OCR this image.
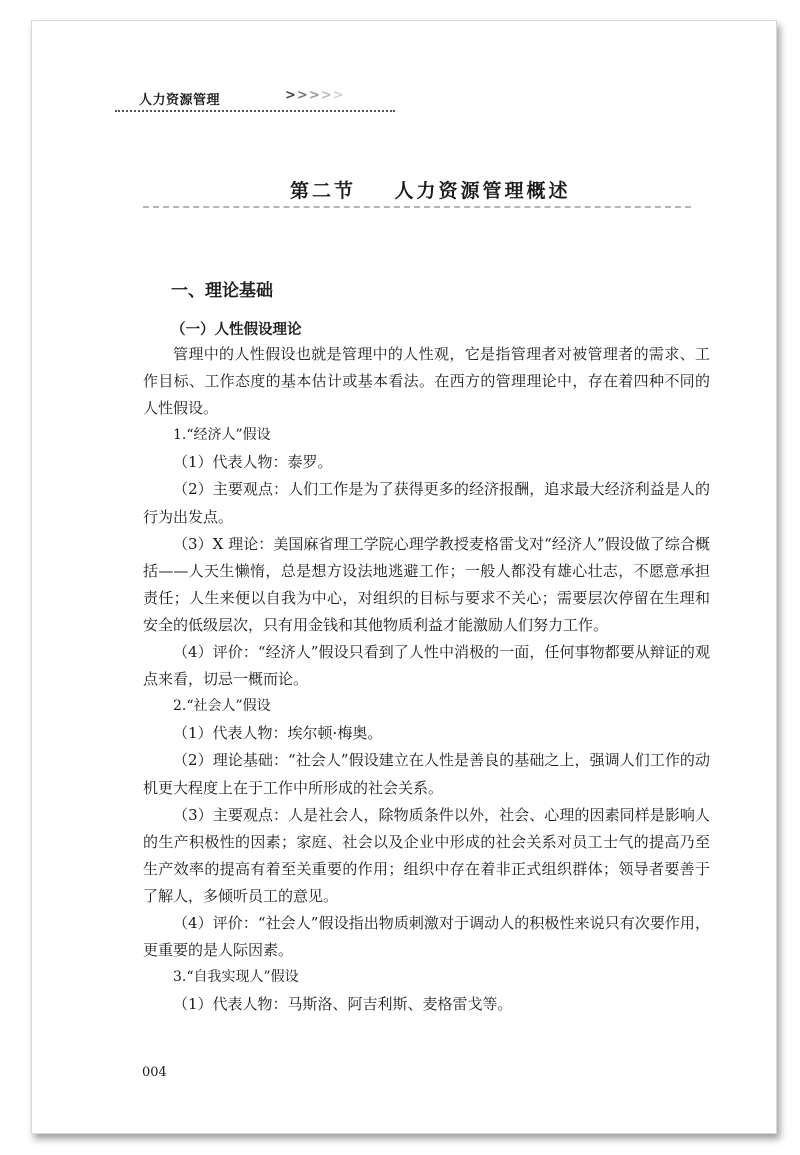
人力资源管理	>>>>>
第二节    人力资源管理概述
一、理论基础
（一）人性假设理论

管理中的人性假设也就是管理中的人性观，它是指管理者对被管理者的需求、工作目标、工作态度的基本估计或基本看法。在西方的管理理论中，存在着四种不同的人性假设。

1.“经济人”假设

（1）代表人物：泰罗。

（2）主要观点：人们工作是为了获得更多的经济报酬，追求最大经济利益是人的行为出发点。

（3）X 理论：美国麻省理工学院心理学教授麦格雷戈对“经济人”假设做了综合概括——人天生懒惰，总是想方设法地逃避工作；一般人都没有雄心壮志，不愿意承担责任；人生来便以自我为中心，对组织的目标与要求不关心；需要层次停留在生理和安全的低级层次，只有用金钱和其他物质利益才能激励人们努力工作。

（4）评价：“经济人”假设只看到了人性中消极的一面，任何事物都要从辩证的观点来看，切忌一概而论。

2.“社会人”假设

（1）代表人物：埃尔顿·梅奥。

（2）理论基础：“社会人”假设建立在人性是善良的基础之上，强调人们工作的动机更大程度上在于工作中所形成的社会关系。

（3）主要观点：人是社会人，除物质条件以外，社会、心理的因素同样是影响人的生产积极性的因素；家庭、社会以及企业中形成的社会关系对员工士气的提高乃至生产效率的提高有着至关重要的作用；组织中存在着非正式组织群体；领导者要善于了解人，多倾听员工的意见。

（4）评价：“社会人”假设指出物质刺激对于调动人的积极性来说只有次要作用，更重要的是人际因素。

3.“自我实现人”假设

（1）代表人物：马斯洛、阿吉利斯、麦格雷戈等。

004
